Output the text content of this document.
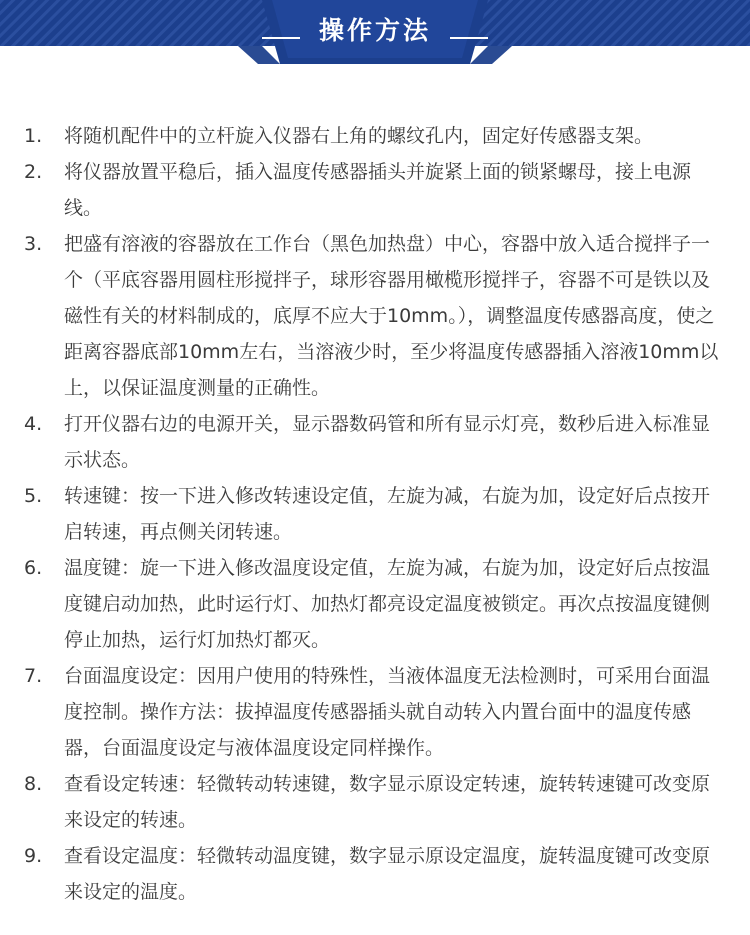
操作方法
1.	将随机配件中的立杆旋入仪器右上角的螺纹孔内，固定好传感器支架。
2.	将仪器放置平稳后，插入温度传感器插头并旋紧上面的锁紧螺母，接上电源线。
3.	把盛有溶液的容器放在工作台（黑色加热盘）中心，容器中放入适合搅拌子一个（平底容器用圆柱形搅拌子，球形容器用橄榄形搅拌子，容器不可是铁以及磁性有关的材料制成的，底厚不应大于10mm。），调整温度传感器高度，使之距离容器底部10mm左右，当溶液少时，至少将温度传感器插入溶液10mm以上，以保证温度测量的正确性。
4.	打开仪器右边的电源开关，显示器数码管和所有显示灯亮，数秒后进入标准显示状态。
5.	转速键：按一下进入修改转速设定值，左旋为减，右旋为加，设定好后点按开启转速，再点侧关闭转速。
6.	温度键：旋一下进入修改温度设定值，左旋为减，右旋为加，设定好后点按温度键启动加热，此时运行灯、加热灯都亮设定温度被锁定。再次点按温度键侧停止加热，运行灯加热灯都灭。
7.	台面温度设定：因用户使用的特殊性，当液体温度无法检测时，可采用台面温度控制。操作方法：拔掉温度传感器插头就自动转入内置台面中的温度传感器，台面温度设定与液体温度设定同样操作。
8.	查看设定转速：轻微转动转速键，数字显示原设定转速，旋转转速键可改变原来设定的转速。
9.	查看设定温度：轻微转动温度键，数字显示原设定温度，旋转温度键可改变原来设定的温度。
